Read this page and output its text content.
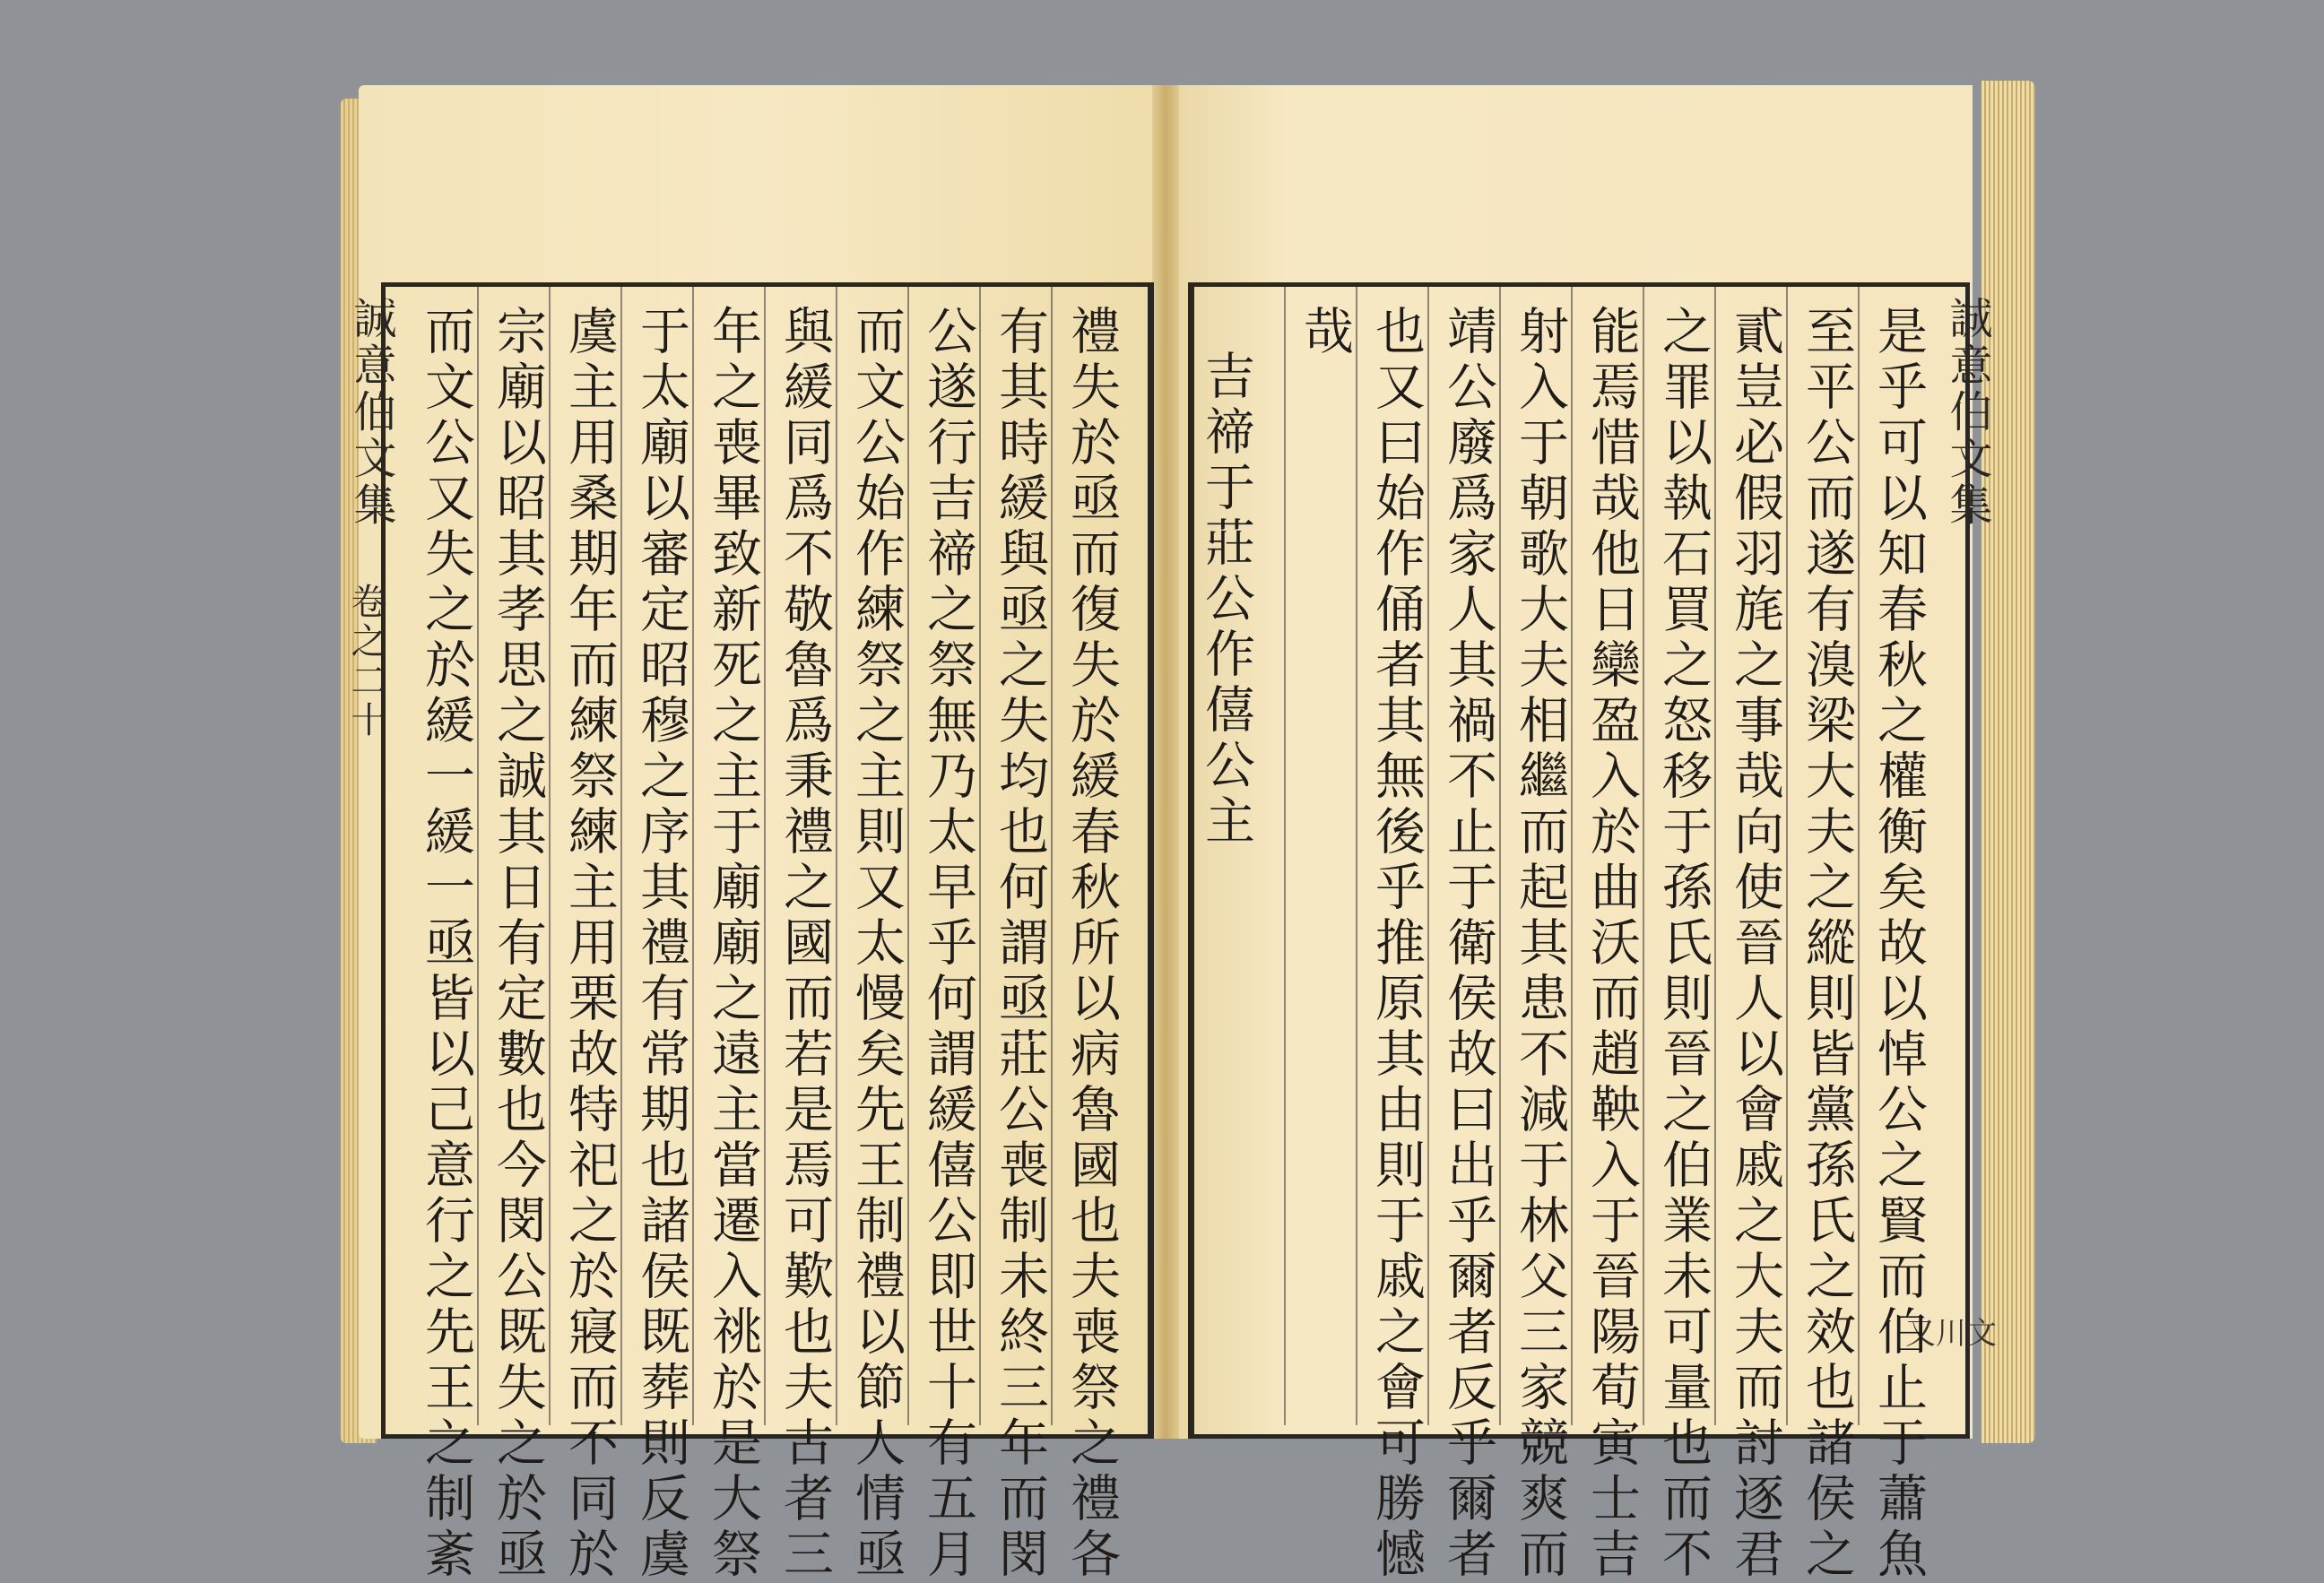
誠意伯文集
卷之二十	禮失於亟而復失於緩春秋所以病魯國也夫喪祭之禮各
有其時緩與亟之失均也何謂亟莊公喪制未終三年而閔
公遂行吉禘之祭無乃太早乎何謂緩僖公即世十有五月
而文公始作練祭之主則又太慢矣先王制禮以節人情亟
與緩同爲不敬魯爲秉禮之國而若是焉可歎也夫古者三
年之喪畢致新死之主于廟廟之遠主當遷入祧於是大祭
于太廟以審定昭穆之序其禮有常期也諸侯既葬則反虞
虞主用桑期年而練祭練主用栗故特祀之於寢而不同於
宗廟以昭其孝思之誠其日有定數也今閔公既失之於亟
而文公又失之於緩一緩一亟皆以己意行之先王之制紊	誠意伯文集
又川文
是乎可以知春秋之權衡矣故以悼公之賢而伯止于蕭魚
至平公而遂有溴梁大夫之縱則皆黨孫氏之效也諸侯之
貳豈必假羽旄之事哉向使晉人以會戚之大夫而討逐君
之罪以執石買之怒移于孫氏則晉之伯業未可量也而不
能焉惜哉他日欒盈入於曲沃而趙鞅入于晉陽荀寅士吉
射入于朝歌大夫相繼而起其患不減于林父三家競爽而
靖公廢爲家人其禍不止于衛侯故曰出乎爾者反乎爾者
也又曰始作俑者其無後乎推原其由則于戚之會可勝憾
哉
吉禘于莊公作僖公主
